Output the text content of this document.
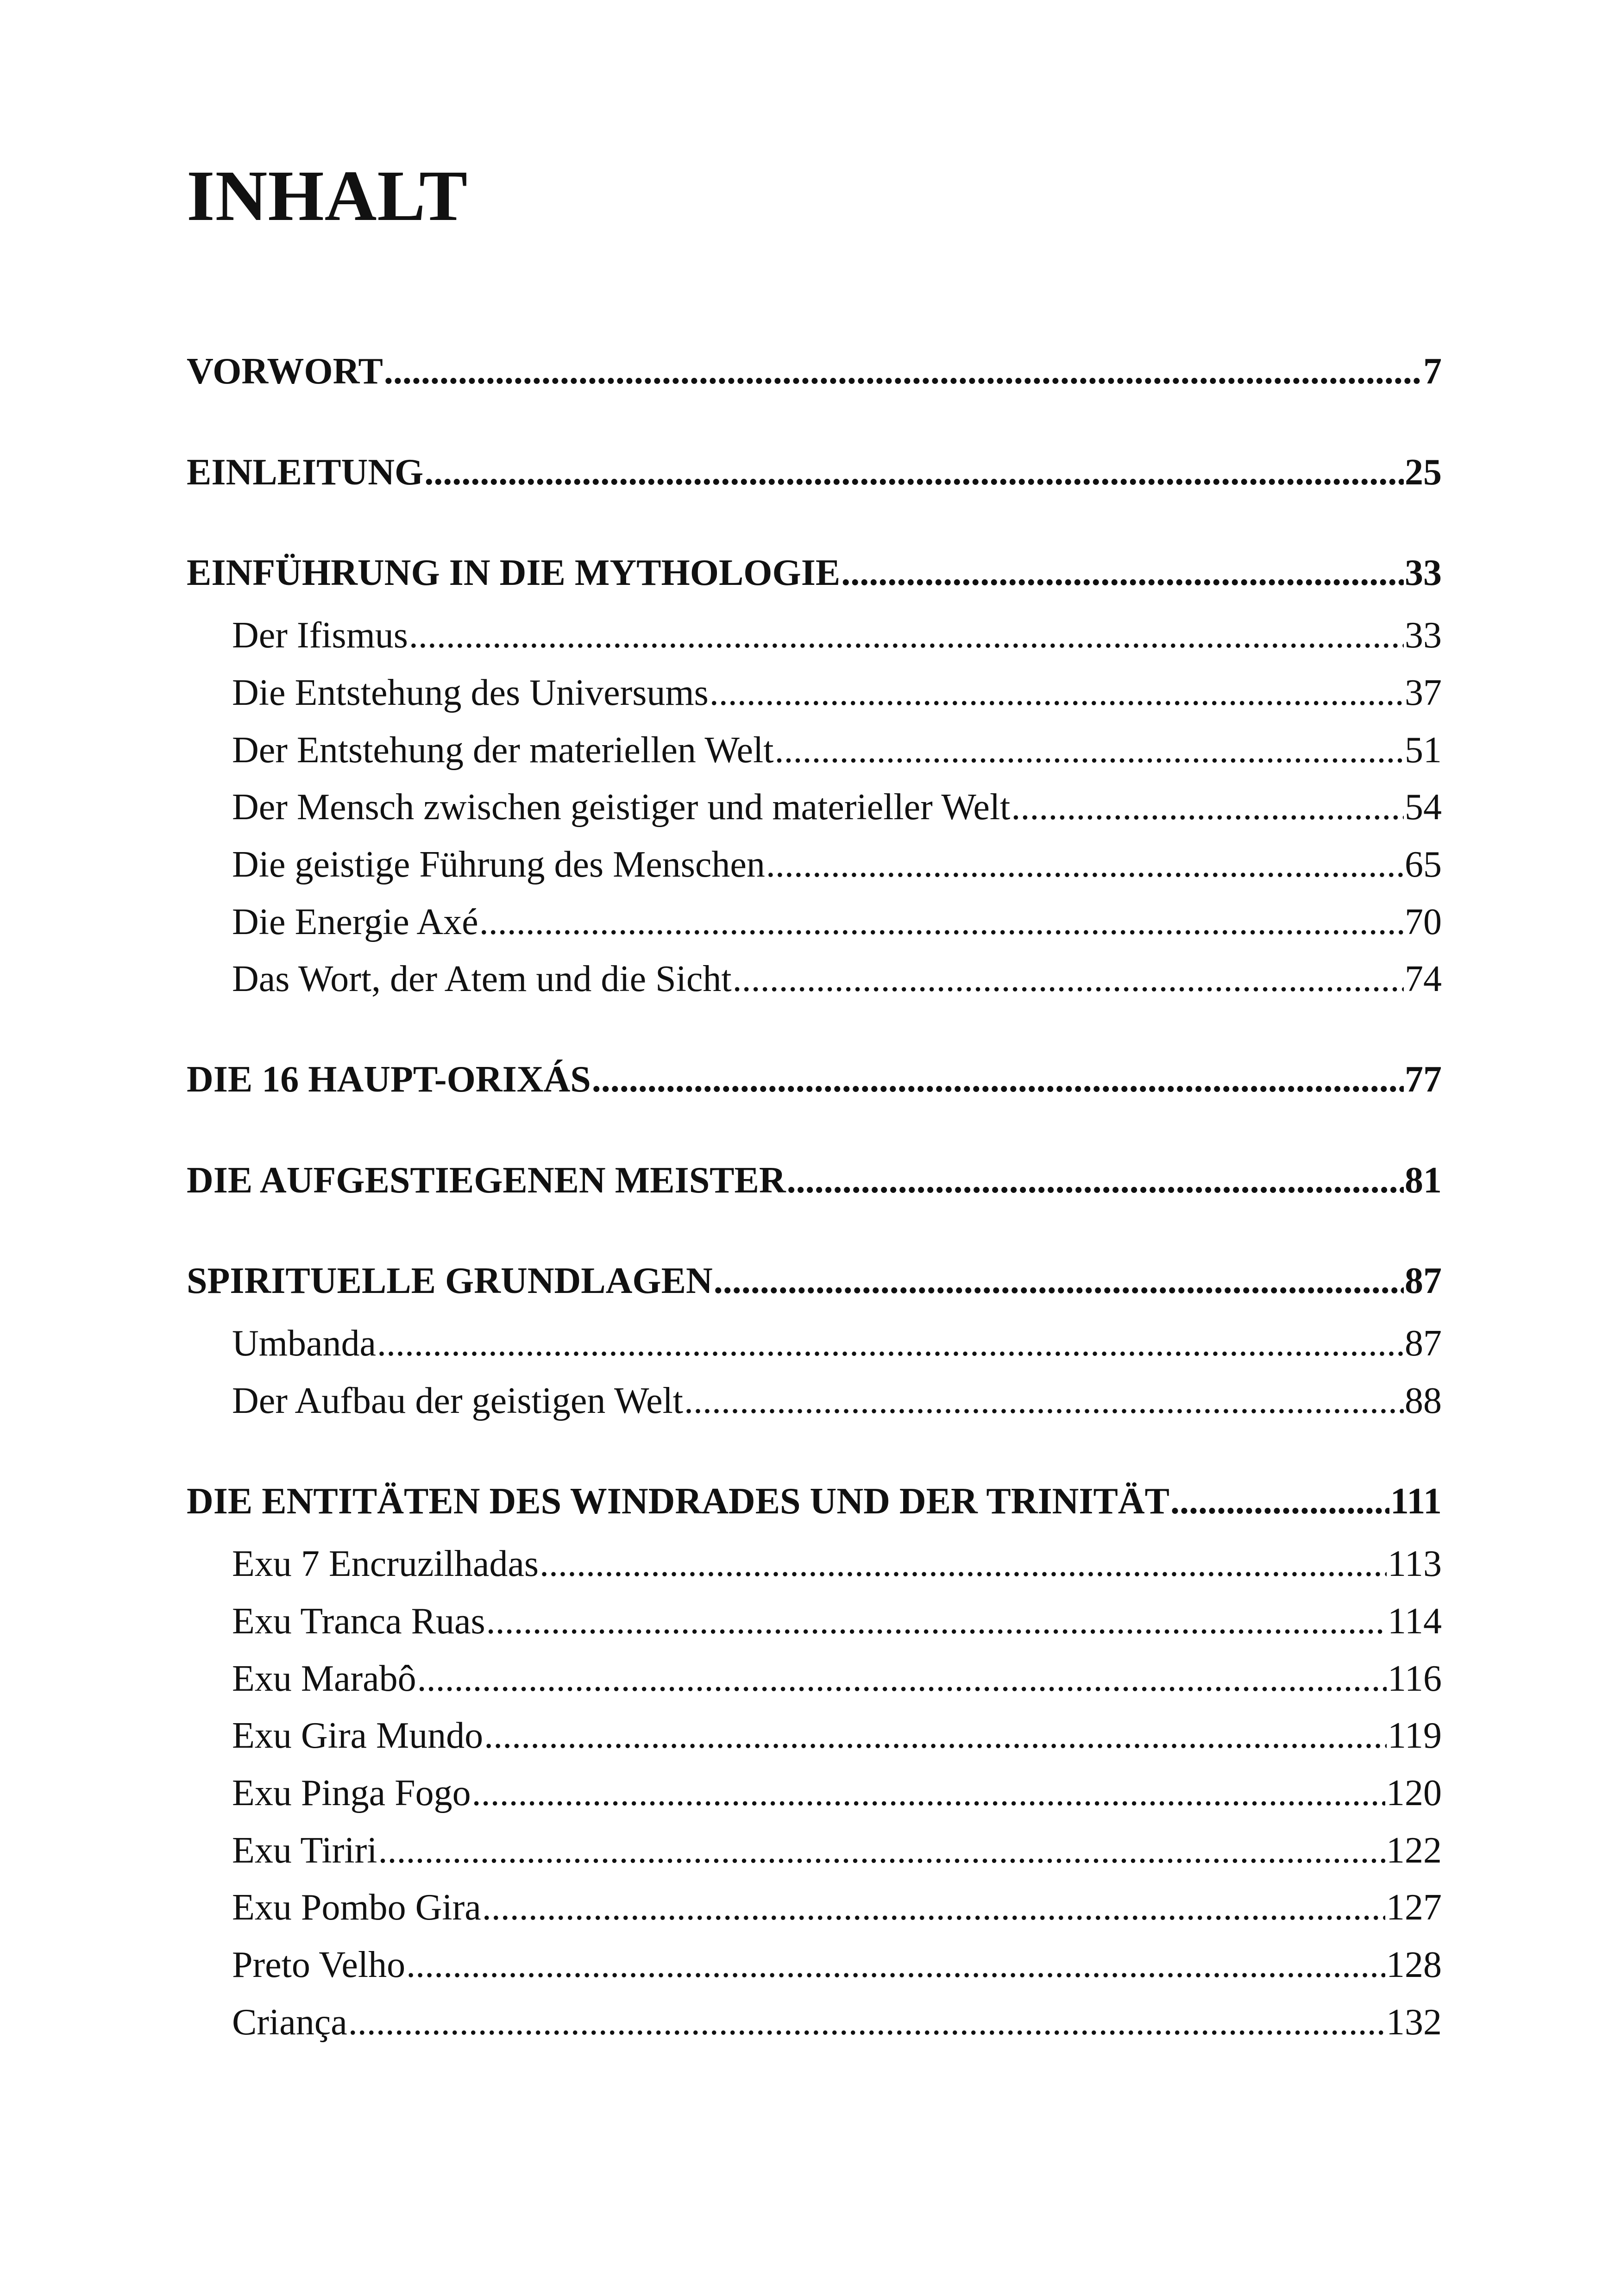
INHALT
VORWORT .....	7
EINLEITUNG .....	25
EINFÜHRUNG IN DIE MYTHOLOGIE .....	33
Der Ifismus .....	33
Die Entstehung des Universums .....	37
Der Entstehung der materiellen Welt .....	51
Der Mensch zwischen geistiger und materieller Welt .....	54
Die geistige Führung des Menschen .....	65
Die Energie Axé .....	70
Das Wort, der Atem und die Sicht .....	74
DIE 16 HAUPT-ORIXÁS .....	77
DIE AUFGESTIEGENEN MEISTER .....	81
SPIRITUELLE GRUNDLAGEN .....	87
Umbanda .....	87
Der Aufbau der geistigen Welt .....	88
DIE ENTITÄTEN DES WINDRADES UND DER TRINITÄT .....	111
Exu 7 Encruzilhadas .....	113
Exu Tranca Ruas .....	114
Exu Marabô .....	116
Exu Gira Mundo .....	119
Exu Pinga Fogo .....	120
Exu Tiriri .....	122
Exu Pombo Gira .....	127
Preto Velho .....	128
Criança .....	132
